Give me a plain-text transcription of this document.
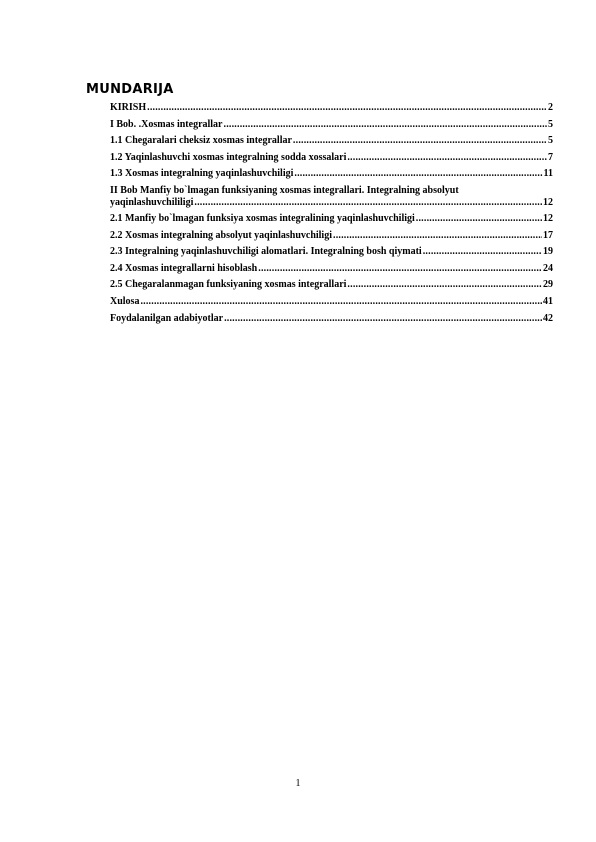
MUNDARIJA
KIRISH .....	2
I Bob. .Xosmas integrallar .....	5
1.1 Chegaralari cheksiz xosmas integrallar .....	5
1.2 Yaqinlashuvchi xosmas integralning sodda xossalari .....	7
1.3 Xosmas integralning yaqinlashuvchiligi .....	11
II Bob Manfiy bo`lmagan funksiyaning xosmas integrallari. Integralning absolyut
yaqinlashuvchililigi .....	12
2.1 Manfiy bo`lmagan funksiya xosmas integralining yaqinlashuvchiligi .....	12
2.2 Xosmas integralning absolyut yaqinlashuvchiligi .....	17
2.3 Integralning yaqinlashuvchiligi alomatlari. Integralning bosh qiymati .....	19
2.4 Xosmas integrallarni hisoblash .....	24
2.5 Chegaralanmagan funksiyaning xosmas integrallari .....	29
Xulosa .....	41
Foydalanilgan adabiyotlar .....	42
1
